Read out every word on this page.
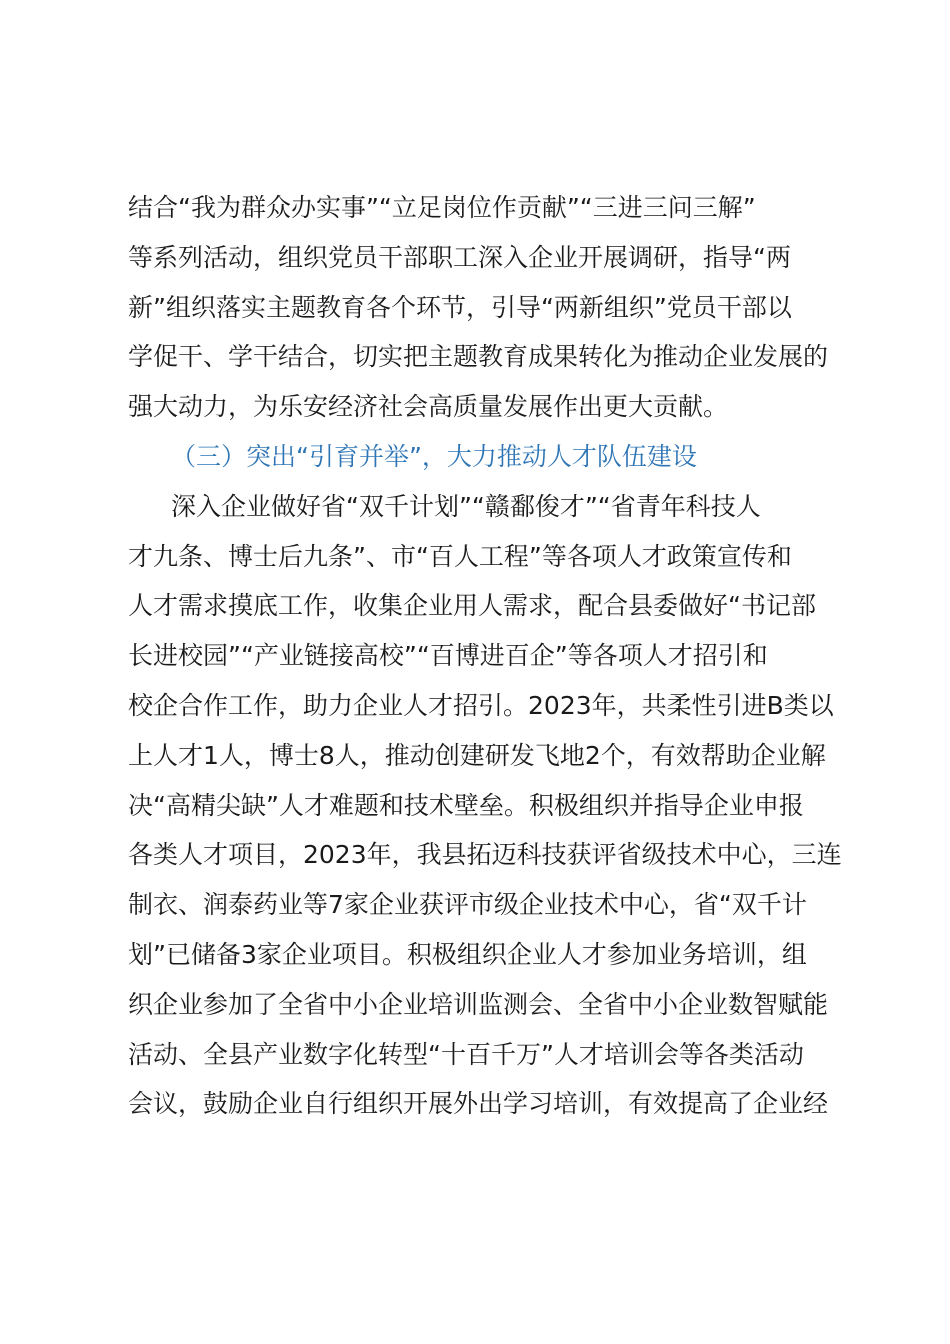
结合“我为群众办实事”“立足岗位作贡献”“三进三问三解”
等系列活动，组织党员干部职工深入企业开展调研，指导“两
新”组织落实主题教育各个环节，引导“两新组织”党员干部以
学促干、学干结合，切实把主题教育成果转化为推动企业发展的
强大动力，为乐安经济社会高质量发展作出更大贡献。
（三）突出“引育并举”，大力推动人才队伍建设
深入企业做好省“双千计划”“赣鄱俊才”“省青年科技人
才九条、博士后九条”、市“百人工程”等各项人才政策宣传和
人才需求摸底工作，收集企业用人需求，配合县委做好“书记部
长进校园”“产业链接高校”“百博进百企”等各项人才招引和
校企合作工作，助力企业人才招引。2023年，共柔性引进B类以
上人才1人，博士8人，推动创建研发飞地2个，有效帮助企业解
决“高精尖缺”人才难题和技术壁垒。积极组织并指导企业申报
各类人才项目，2023年，我县拓迈科技获评省级技术中心，三连
制衣、润泰药业等7家企业获评市级企业技术中心，省“双千计
划”已储备3家企业项目。积极组织企业人才参加业务培训，组
织企业参加了全省中小企业培训监测会、全省中小企业数智赋能
活动、全县产业数字化转型“十百千万”人才培训会等各类活动
会议，鼓励企业自行组织开展外出学习培训，有效提高了企业经
